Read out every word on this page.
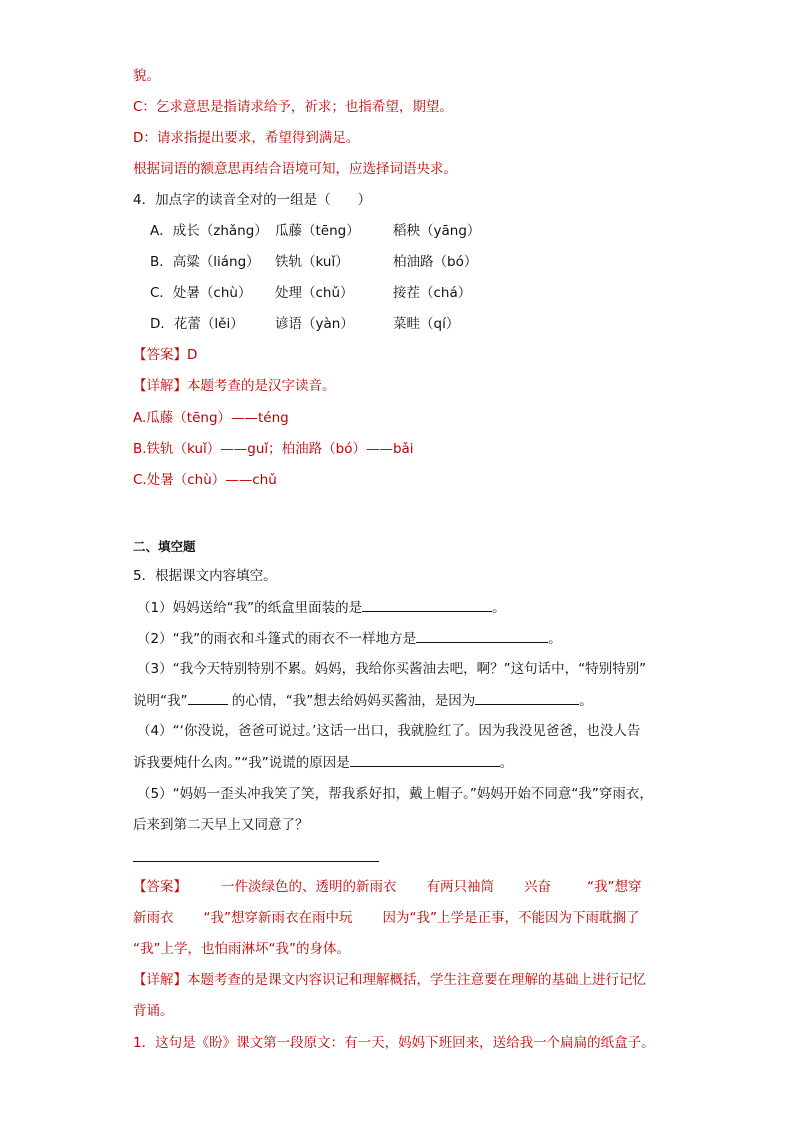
貌。
C：乞求意思是指请求给予，祈求；也指希望，期望。
D：请求指提出要求，希望得到满足。
根据词语的额意思再结合语境可知，应选择词语央求。
4．加点字的读音全对的一组是（　　）
A．成长（zhǎng） 瓜藤（tēng） 稻秧（yāng）
B．高粱（liáng） 铁轨（kuǐ）	柏油路（bó）
C．处暑（chù） 处理（chǔ）	接茬（chá）
D．花蕾（lěi） 谚语（yàn）	菜畦（qí）
【答案】D
【详解】本题考查的是汉字读音。
A.瓜藤（tēng）——téng
B.铁轨（kuǐ）——guǐ；柏油路（bó）——bǎi
C.处暑（chù）——chǔ
二、填空题
5．根据课文内容填空。
（1）妈妈送给“我”的纸盒里面装的是	。
（2）“我”的雨衣和斗篷式的雨衣不一样地方是	。
（3）“我今天特别特别不累。妈妈，我给你买酱油去吧，啊？”这句话中，“特别特别”
说明“我”	的心情，“我”想去给妈妈买酱油，是因为	。
（4）“‘你没说，爸爸可说过。’这话一出口，我就脸红了。因为我没见爸爸，也没人告
诉我要炖什么肉。”“我”说谎的原因是	。
（5）“妈妈一歪头冲我笑了笑，帮我系好扣，戴上帽子。”妈妈开始不同意“我”穿雨衣，
后来到第二天早上又同意了？
【答案】	一件淡绿色的、透明的新雨衣 有两只袖筒 兴奋	“我”想穿
新雨衣 “我”想穿新雨衣在雨中玩 因为“我”上学是正事，不能因为下雨耽搁了
“我”上学，也怕雨淋坏“我”的身体。
【详解】本题考查的是课文内容识记和理解概括，学生注意要在理解的基础上进行记忆
背诵。
1．这句是《盼》课文第一段原文：有一天，妈妈下班回来，送给我一个扁扁的纸盒子。
